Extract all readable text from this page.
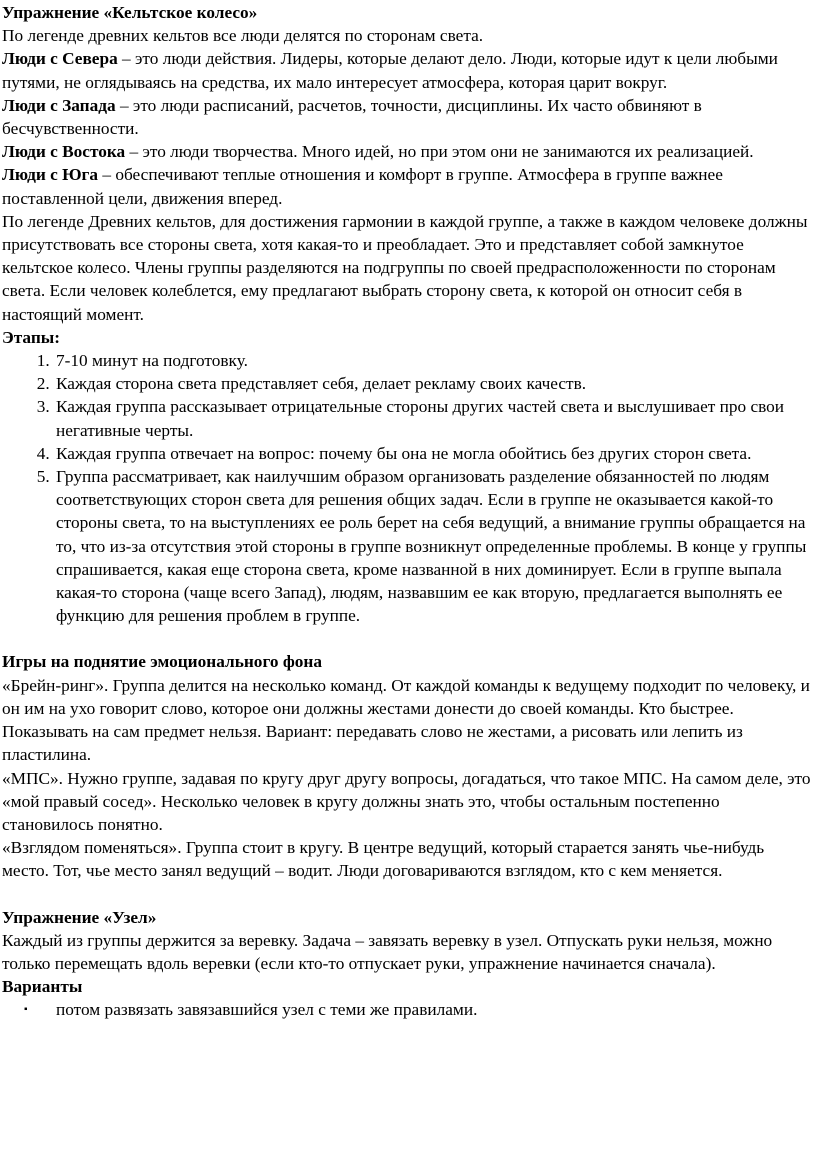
Упражнение «Кельтское колесо»

По легенде древних кельтов все люди делятся по сторонам света.

Люди с Севера – это люди действия. Лидеры, которые делают дело. Люди, которые идут к цели любыми путями, не оглядываясь на средства, их мало интересует атмосфера, которая царит вокруг.

Люди с Запада – это люди расписаний, расчетов, точности, дисциплины. Их часто обвиняют в бесчувственности.

Люди с Востока – это люди творчества. Много идей, но при этом они не занимаются их реализацией.

Люди с Юга – обеспечивают теплые отношения и комфорт в группе. Атмосфера в группе важнее поставленной цели, движения вперед.

По легенде Древних кельтов, для достижения гармонии в каждой группе, а также в каждом человеке должны присутствовать все стороны света, хотя какая-то и преобладает. Это и представляет собой замкнутое кельтское колесо. Члены группы разделяются на подгруппы по своей предрасположенности по сторонам света. Если человек колеблется, ему предлагают выбрать сторону света, к которой он относит себя в настоящий момент.

Этапы:

1. 7-10 минут на подготовку.
2. Каждая сторона света представляет себя, делает рекламу своих качеств.
3. Каждая группа рассказывает отрицательные стороны других частей света и выслушивает про свои негативные черты.
4. Каждая группа отвечает на вопрос: почему бы она не могла обойтись без других сторон света.
5. Группа рассматривает, как наилучшим образом организовать разделение обязанностей по людям соответствующих сторон света для решения общих задач. Если в группе не оказывается какой-то стороны света, то на выступлениях ее роль берет на себя ведущий, а внимание группы обращается на то, что из-за отсутствия этой стороны в группе возникнут определенные проблемы. В конце у группы спрашивается, какая еще сторона света, кроме названной в них доминирует. Если в группе выпала какая-то сторона (чаще всего Запад), людям, назвавшим ее как вторую, предлагается выполнять ее функцию для решения проблем в группе.

Игры на поднятие эмоционального фона

«Брейн-ринг». Группа делится на несколько команд. От каждой команды к ведущему подходит по человеку, и он им на ухо говорит слово, которое они должны жестами донести до своей команды. Кто быстрее. Показывать на сам предмет нельзя. Вариант: передавать слово не жестами, а рисовать или лепить из пластилина.

«МПС». Нужно группе, задавая по кругу друг другу вопросы, догадаться, что такое МПС. На самом деле, это «мой правый сосед». Несколько человек в кругу должны знать это, чтобы остальным постепенно становилось понятно.

«Взглядом поменяться». Группа стоит в кругу. В центре ведущий, который старается занять чье-нибудь место. Тот, чье место занял ведущий – водит. Люди договариваются взглядом, кто с кем меняется.

Упражнение «Узел»

Каждый из группы держится за веревку. Задача – завязать веревку в узел. Отпускать руки нельзя, можно только перемещать вдоль веревки (если кто-то отпускает руки, упражнение начинается сначала).

Варианты

▪ потом развязать завязавшийся узел с теми же правилами.
